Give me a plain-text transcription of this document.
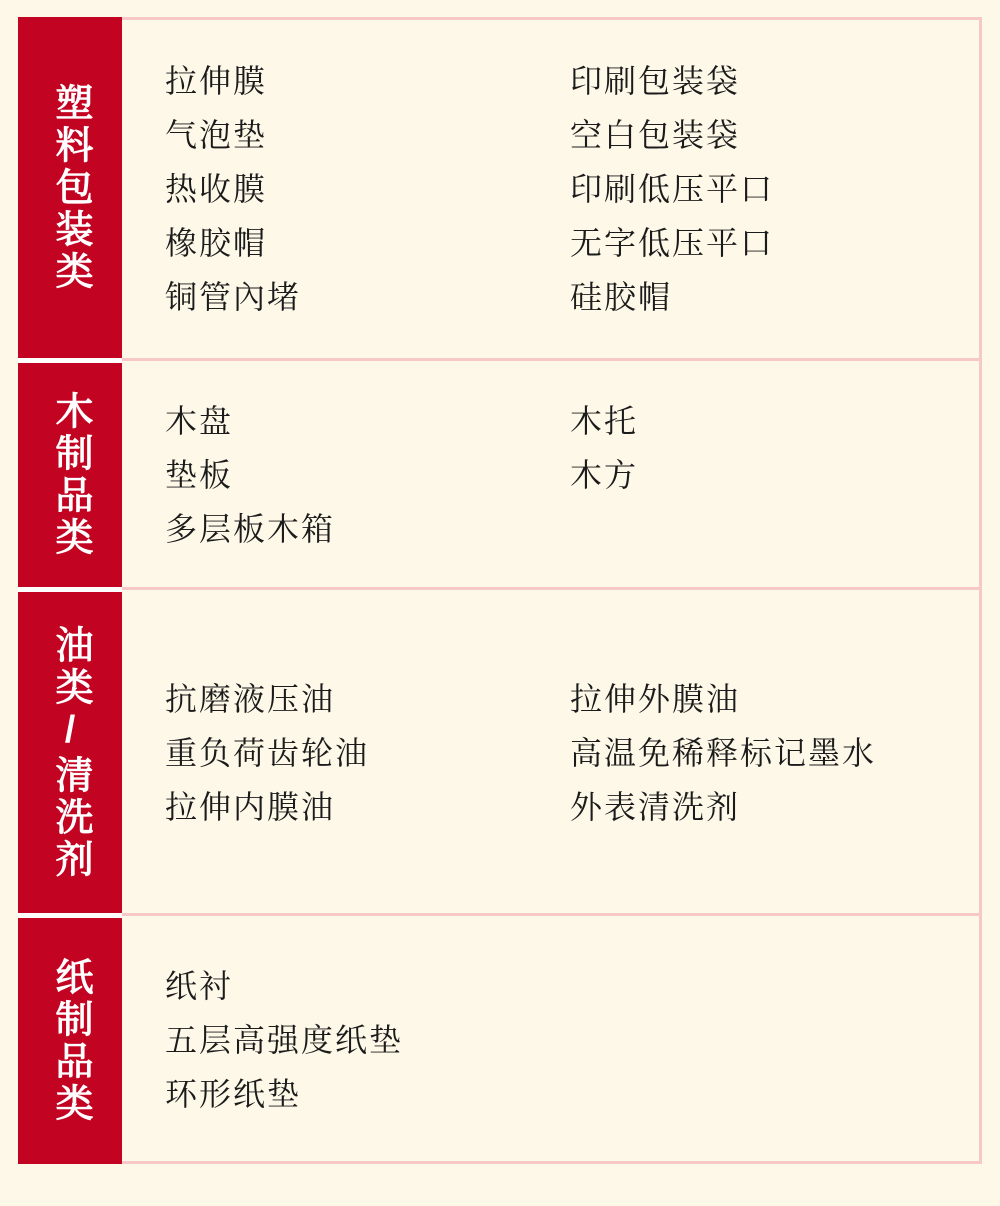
塑料包装类
拉伸膜	印刷包装袋
气泡垫	空白包装袋
热收膜	印刷低压平口
橡胶帽	无字低压平口
铜管內堵	硅胶帽
木制品类	木盘	木托
垫板	木方
多层板木箱
油类/清洗剂	抗磨液压油	拉伸外膜油
重负荷齿轮油	高温免稀释标记墨水
拉伸内膜油	外表清洗剂
纸制品类	纸衬
五层高强度纸垫
环形纸垫
